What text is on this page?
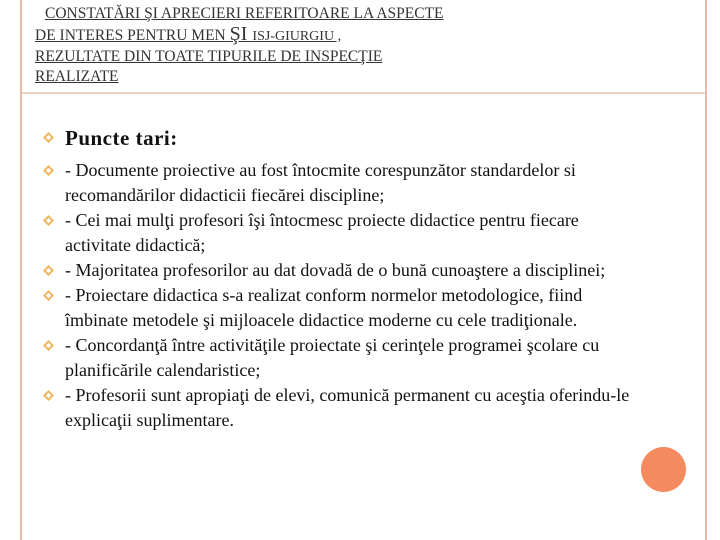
CONSTATĂRI ŞI APRECIERI REFERITOARE LA ASPECTE
DE INTERES PENTRU MEN ŞI ISJ-GIURGIU ,
REZULTATE DIN TOATE TIPURILE DE INSPECŢIE
REALIZATE
Puncte tari:
- Documente proiective au fost întocmite corespunzător standardelor si recomandărilor didacticii fiecărei discipline;
- Cei mai mulţi profesori îşi întocmesc proiecte didactice pentru fiecare activitate didactică;
- Majoritatea profesorilor au dat dovadă de o bună cunoaştere a disciplinei;
- Proiectare didactica s-a realizat conform normelor metodologice, fiind îmbinate metodele şi mijloacele didactice moderne cu cele tradiţionale.
- Concordanţă între activităţile proiectate şi cerinţele programei şcolare cu planificările calendaristice;
- Profesorii sunt apropiaţi de elevi, comunică permanent cu aceştia oferindu-le explicaţii suplimentare.
